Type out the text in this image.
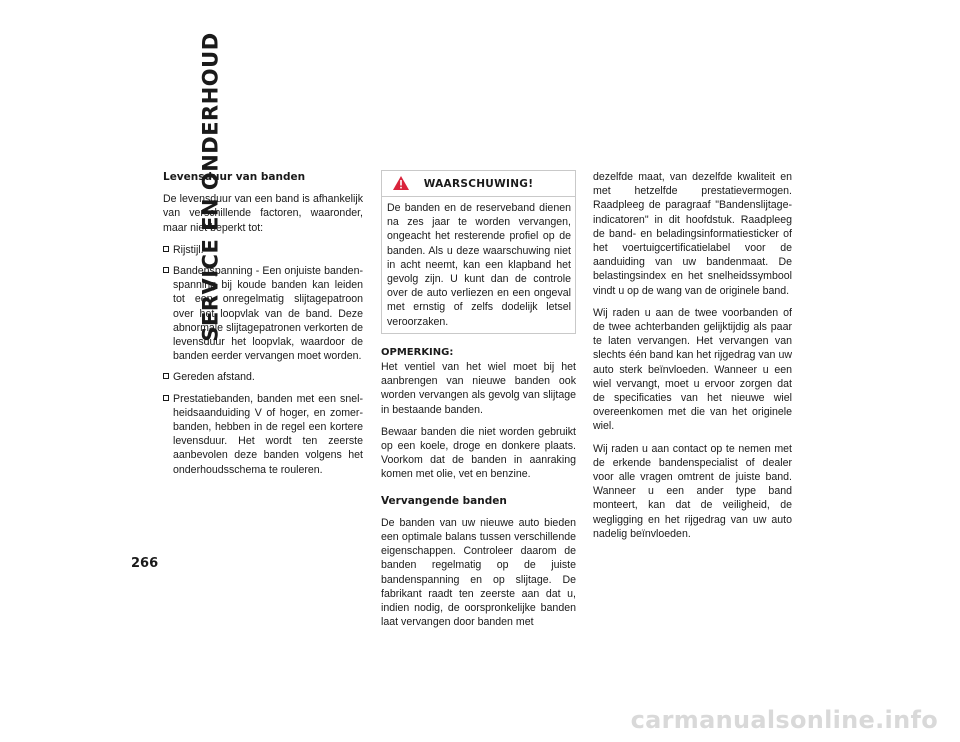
SERVICE EN ONDERHOUD
266
Levensduur van banden

De levensduur van een band is afhankelijk van verschillende factoren, waaronder, maar niet beperkt tot:

Rijstijl.
Bandenspanning - Een onjuiste bandenspanning bij koude banden kan leiden tot een onregelmatig slijtagepatroon over het loopvlak van de band. Deze abnormale slijtagepatronen verkorten de levensduur het loopvlak, waardoor de banden eerder vervangen moet worden.
Gereden afstand.
Prestatiebanden, banden met een snelheidsaanduiding V of hoger, en zomerbanden, hebben in de regel een kortere levensduur. Het wordt ten zeerste aanbevolen deze banden volgens het onderhoudsschema te rouleren.
WAARSCHUWING!
De banden en de reserveband dienen na zes jaar te worden vervangen, ongeacht het resterende profiel op de banden. Als u deze waarschuwing niet in acht neemt, kan een klapband het gevolg zijn. U kunt dan de controle over de auto verliezen en een ongeval met ernstig of zelfs dodelijk letsel veroorzaken.
OPMERKING:
Het ventiel van het wiel moet bij het aanbrengen van nieuwe banden ook worden vervangen als gevolg van slijtage in bestaande banden.

Bewaar banden die niet worden gebruikt op een koele, droge en donkere plaats. Voorkom dat de banden in aanraking komen met olie, vet en benzine.

Vervangende banden

De banden van uw nieuwe auto bieden een optimale balans tussen verschillende eigenschappen. Controleer daarom de banden regelmatig op de juiste bandenspanning en op slijtage. De fabrikant raadt ten zeerste aan dat u, indien nodig, de oorspronkelijke banden laat vervangen door banden met

dezelfde maat, van dezelfde kwaliteit en met hetzelfde prestatievermogen. Raadpleeg de paragraaf "Bandenslijtage-indicatoren" in dit hoofdstuk. Raadpleeg de band- en beladingsinformatiesticker of het voertuigcertificatielabel voor de aanduiding van uw bandenmaat. De belastingsindex en het snelheidssymbool vindt u op de wang van de originele band.

Wij raden u aan de twee voorbanden of de twee achterbanden gelijktijdig als paar te laten vervangen. Het vervangen van slechts één band kan het rijgedrag van uw auto sterk beïnvloeden. Wanneer u een wiel vervangt, moet u ervoor zorgen dat de specificaties van het nieuwe wiel overeenkomen met die van het originele wiel.

Wij raden u aan contact op te nemen met de erkende bandenspecialist of dealer voor alle vragen omtrent de juiste band. Wanneer u een ander type band monteert, kan dat de veiligheid, de wegligging en het rijgedrag van uw auto nadelig beïnvloeden.

carmanualsonline.info
